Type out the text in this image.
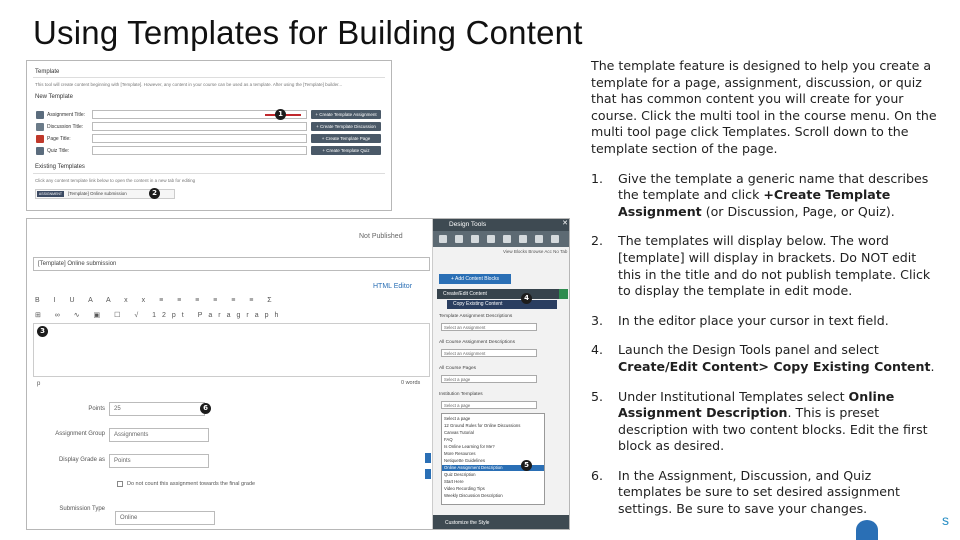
Using Templates for Building Content
Template
This tool will create content beginning with [Template]. However, any content in your course can be used as a template. After using the [Template] builder...
New Template
Assignment Title:	+ Create Template Assignment
Discussion Title:	+ Create Template Discussion
Page Title:	+ Create Template Page
Quiz Title:	+ Create Template Quiz
Existing Templates
Click any content template link below to open the content in a new tab for editing
ASSIGNMENT	[Template] Online submission
1
2
Not Published
[Template] Online submission
HTML Editor
B I U A A x x ≡ ≡ ≡ ≡ ≡ ≡ Σ
⊞ ∞ ∿ ▣ ☐ √ 12pt Paragraph
p	0 words
Points	25
Assignment Group	Assignments
Display Grade as	Points
Do not count this assignment towards the final grade
Submission Type
Online
Design Tools	✕
View Blocks Browse Acc No Tab
+ Add Content Blocks
Create/Edit Content
Copy Existing Content
Template Assignment Descriptions
Select an Assignment
All Course Assignment Descriptions
Select an Assignment
All Course Pages
Select a page
Institution Templates
Select a page
Select a page
12 Ground Rules for Online Discussions
Canvas Tutorial
FAQ
Is Online Learning for Me?
More Resources
Netiquette Guidelines
Online Assignment Description
Quiz Description
Start Here
Video Recording Tips
Weekly Discussion Description
Customize the Style
3
4
5
6

The template feature is designed to help you create a template for a page, assignment, discussion, or quiz that has common content you will create for your course. Click the multi tool in the course menu. On the multi tool page click Templates. Scroll down to the template section of the page.

1. Give the template a generic name that describes the template and click +Create Template Assignment (or Discussion, Page, or Quiz).
2. The templates will display below. The word [template] will display in brackets. Do NOT edit this in the title and do not publish template. Click to display the template in edit mode.
3. In the editor place your cursor in text field.
4. Launch the Design Tools panel and select Create/Edit Content> Copy Existing Content.
5. Under Institutional Templates select Online Assignment Description. This is preset description with two content blocks. Edit the first block as desired.
6. In the Assignment, Discussion, and Quiz templates be sure to set desired assignment settings. Be sure to save your changes.
s
